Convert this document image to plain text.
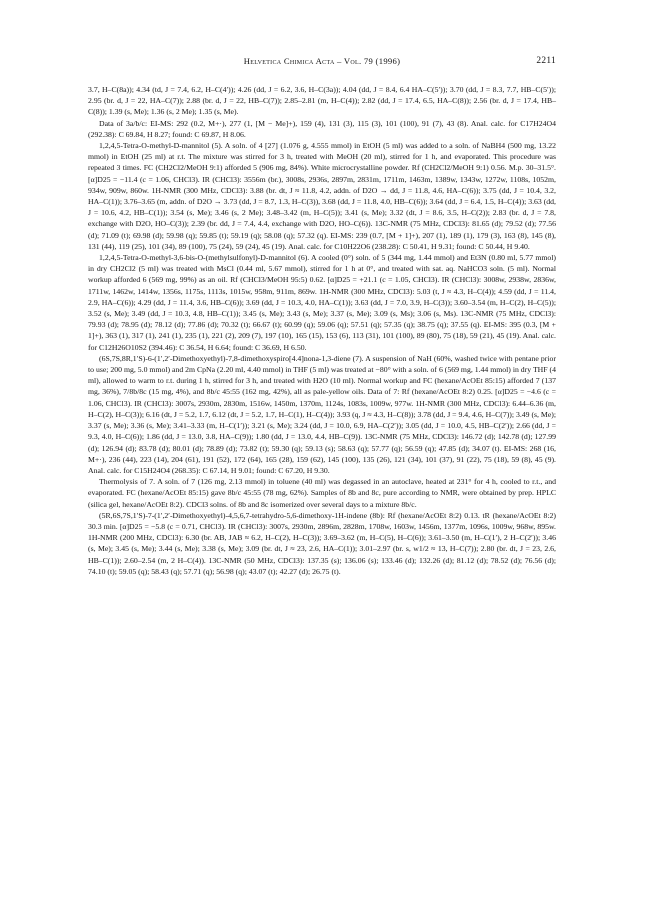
Helvetica Chimica Acta – Vol. 79 (1996)	2211

3.7, H–C(8a)); 4.34 (td, J = 7.4, 6.2, H–C(4′)); 4.26 (dd, J = 6.2, 3.6, H–C(3a)); 4.04 (dd, J = 8.4, 6.4 HA–C(5′)); 3.70 (dd, J = 8.3, 7.7, HB–C(5′)); 2.95 (br. d, J = 22, HA–C(7)); 2.88 (br. d, J = 22, HB–C(7)); 2.85–2.81 (m, H–C(4)); 2.82 (dd, J = 17.4, 6.5, HA–C(8)); 2.56 (br. d, J = 17.4, HB–C(8)); 1.39 (s, Me); 1.36 (s, 2 Me); 1.35 (s, Me).

Data of 3a/b/c: EI-MS: 292 (0.2, M+·), 277 (1, [M − Me]+), 159 (4), 131 (3), 115 (3), 101 (100), 91 (7), 43 (8). Anal. calc. for C17H24O4 (292.38): C 69.84, H 8.27; found: C 69.87, H 8.06.

1,2,4,5-Tetra-O-methyl-D-mannitol (5). A soln. of 4 [27] (1.076 g, 4.555 mmol) in EtOH (5 ml) was added to a soln. of NaBH4 (500 mg, 13.22 mmol) in EtOH (25 ml) at r.t. The mixture was stirred for 3 h, treated with MeOH (20 ml), stirred for 1 h, and evaporated. This procedure was repeated 3 times. FC (CH2Cl2/MeOH 9:1) afforded 5 (906 mg, 84%). White microcrystalline powder. Rf (CH2Cl2/MeOH 9:1) 0.56. M.p. 30–31.5°. [α]D25 = −11.4 (c = 1.06, CHCl3). IR (CHCl3): 3556m (br.), 3008s, 2936s, 2897m, 2831m, 1711m, 1463m, 1389w, 1343w, 1272w, 1108s, 1052m, 934w, 909w, 860w. 1H-NMR (300 MHz, CDCl3): 3.88 (br. dt, J ≈ 11.8, 4.2, addn. of D2O → dd, J = 11.8, 4.6, HA–C(6)); 3.75 (dd, J = 10.4, 3.2, HA–C(1)); 3.76–3.65 (m, addn. of D2O → 3.73 (dd, J = 8.7, 1.3, H–C(3)), 3.68 (dd, J = 11.8, 4.0, HB–C(6)); 3.64 (dd, J = 6.4, 1.5, H–C(4)); 3.63 (dd, J = 10.6, 4.2, HB–C(1)); 3.54 (s, Me); 3.46 (s, 2 Me); 3.48–3.42 (m, H–C(5)); 3.41 (s, Me); 3.32 (dt, J = 8.6, 3.5, H–C(2)); 2.83 (br. d, J = 7.8, exchange with D2O, HO–C(3)); 2.39 (br. dd, J = 7.4, 4.4, exchange with D2O, HO–C(6)). 13C-NMR (75 MHz, CDCl3): 81.65 (d); 79.52 (d); 77.56 (d); 71.09 (t); 69.98 (d); 59.98 (q); 59.85 (t); 59.19 (q); 58.08 (q); 57.32 (q). EI-MS: 239 (0.7, [M + 1]+), 207 (1), 189 (1), 179 (3), 163 (8), 145 (8), 131 (44), 119 (25), 101 (34), 89 (100), 75 (24), 59 (24), 45 (19). Anal. calc. for C10H22O6 (238.28): C 50.41, H 9.31; found: C 50.44, H 9.40.

1,2,4,5-Tetra-O-methyl-3,6-bis-O-(methylsulfonyl)-D-mannitol (6). A cooled (0°) soln. of 5 (344 mg, 1.44 mmol) and Et3N (0.80 ml, 5.77 mmol) in dry CH2Cl2 (5 ml) was treated with MsCl (0.44 ml, 5.67 mmol), stirred for 1 h at 0°, and treated with sat. aq. NaHCO3 soln. (5 ml). Normal workup afforded 6 (569 mg, 99%) as an oil. Rf (CHCl3/MeOH 95:5) 0.62. [α]D25 = +21.1 (c = 1.05, CHCl3). IR (CHCl3): 3008w, 2938w, 2836w, 1711w, 1462w, 1414w, 1356s, 1175s, 1113s, 1015w, 958m, 911m, 869w. 1H-NMR (300 MHz, CDCl3): 5.03 (t, J ≈ 4.3, H–C(4)); 4.59 (dd, J = 11.4, 2.9, HA–C(6)); 4.29 (dd, J = 11.4, 3.6, HB–C(6)); 3.69 (dd, J = 10.3, 4.0, HA–C(1)); 3.63 (dd, J = 7.0, 3.9, H–C(3)); 3.60–3.54 (m, H–C(2), H–C(5)); 3.52 (s, Me); 3.49 (dd, J = 10.3, 4.8, HB–C(1)); 3.45 (s, Me); 3.43 (s, Me); 3.37 (s, Me); 3.09 (s, Ms); 3.06 (s, Ms). 13C-NMR (75 MHz, CDCl3): 79.93 (d); 78.95 (d); 78.12 (d); 77.86 (d); 70.32 (t); 66.67 (t); 60.99 (q); 59.06 (q); 57.51 (q); 57.35 (q); 38.75 (q); 37.55 (q). EI-MS: 395 (0.3, [M + 1]+), 363 (1), 317 (1), 241 (1), 235 (1), 221 (2), 209 (7), 197 (10), 165 (15), 153 (6), 113 (31), 101 (100), 89 (80), 75 (18), 59 (21), 45 (19). Anal. calc. for C12H26O10S2 (394.46): C 36.54, H 6.64; found: C 36.69, H 6.50.

(6S,7S,8R,1′S)-6-(1′,2′-Dimethoxyethyl)-7,8-dimethoxyspiro[4.4]nona-1,3-diene (7). A suspension of NaH (60%, washed twice with pentane prior to use; 200 mg, 5.0 mmol) and 2m CpNa (2.20 ml, 4.40 mmol) in THF (5 ml) was treated at −80° with a soln. of 6 (569 mg, 1.44 mmol) in dry THF (4 ml), allowed to warm to r.t. during 1 h, stirred for 3 h, and treated with H2O (10 ml). Normal workup and FC (hexane/AcOEt 85:15) afforded 7 (137 mg, 36%), 7/8b/8c (15 mg, 4%), and 8b/c 45:55 (162 mg, 42%), all as pale-yellow oils. Data of 7: Rf (hexane/AcOEt 8:2) 0.25. [α]D25 = −4.6 (c = 1.06, CHCl3). IR (CHCl3): 3007s, 2930m, 2830m, 1516w, 1450m, 1370m, 1124s, 1083s, 1009w, 977w. 1H-NMR (300 MHz, CDCl3): 6.44–6.36 (m, H–C(2), H–C(3)); 6.16 (dt, J = 5.2, 1.7, 6.12 (dt, J = 5.2, 1.7, H–C(1), H–C(4)); 3.93 (q, J ≈ 4.3, H–C(8)); 3.78 (dd, J = 9.4, 4.6, H–C(7)); 3.49 (s, Me); 3.37 (s, Me); 3.36 (s, Me); 3.41–3.33 (m, H–C(1′)); 3.21 (s, Me); 3.24 (dd, J = 10.0, 6.9, HA–C(2′)); 3.05 (dd, J = 10.0, 4.5, HB–C(2′)); 2.66 (dd, J = 9.3, 4.0, H–C(6)); 1.86 (dd, J = 13.0, 3.8, HA–C(9)); 1.80 (dd, J = 13.0, 4.4, HB–C(9)). 13C-NMR (75 MHz, CDCl3): 146.72 (d); 142.78 (d); 127.99 (d); 126.94 (d); 83.78 (d); 80.01 (d); 78.89 (d); 73.82 (t); 59.30 (q); 59.13 (s); 58.63 (q); 57.77 (q); 56.59 (q); 47.85 (d); 34.07 (t). EI-MS: 268 (16, M+·), 236 (44), 223 (14), 204 (61), 191 (52), 172 (64), 165 (28), 159 (62), 145 (100), 135 (26), 121 (34), 101 (37), 91 (22), 75 (18), 59 (8), 45 (9). Anal. calc. for C15H24O4 (268.35): C 67.14, H 9.01; found: C 67.20, H 9.30.

Thermolysis of 7. A soln. of 7 (126 mg, 2.13 mmol) in toluene (40 ml) was degassed in an autoclave, heated at 231° for 4 h, cooled to r.t., and evaporated. FC (hexane/AcOEt 85:15) gave 8b/c 45:55 (78 mg, 62%). Samples of 8b and 8c, pure according to NMR, were obtained by prep. HPLC (silica gel, hexane/AcOEt 8:2). CDCl3 solns. of 8b and 8c isomerized over several days to a mixture 8b/c.

(5R,6S,7S,1′S)-7-(1′,2′-Dimethoxyethyl)-4,5,6,7-tetrahydro-5,6-dimethoxy-1H-indene (8b): Rf (hexane/AcOEt 8:2) 0.13. tR (hexane/AcOEt 8:2) 30.3 min. [α]D25 = −5.8 (c = 0.71, CHCl3). IR (CHCl3): 3007s, 2930m, 2896m, 2828m, 1708w, 1603w, 1456m, 1377m, 1096s, 1009w, 968w, 895w. 1H-NMR (200 MHz, CDCl3): 6.30 (br. AB, JAB ≈ 6.2, H–C(2), H–C(3)); 3.69–3.62 (m, H–C(5), H–C(6)); 3.61–3.50 (m, H–C(1′), 2 H–C(2′)); 3.46 (s, Me); 3.45 (s, Me); 3.44 (s, Me); 3.38 (s, Me); 3.09 (br. dt, J ≈ 23, 2.6, HA–C(1)); 3.01–2.97 (br. s, w1/2 ≈ 13, H–C(7)); 2.80 (br. dt, J = 23, 2.6, HB–C(1)); 2.60–2.54 (m, 2 H–C(4)). 13C-NMR (50 MHz, CDCl3): 137.35 (s); 136.06 (s); 133.46 (d); 132.26 (d); 81.12 (d); 78.52 (d); 76.56 (d); 74.10 (t); 59.05 (q); 58.43 (q); 57.71 (q); 56.98 (q); 43.07 (t); 42.27 (d); 26.75 (t).
